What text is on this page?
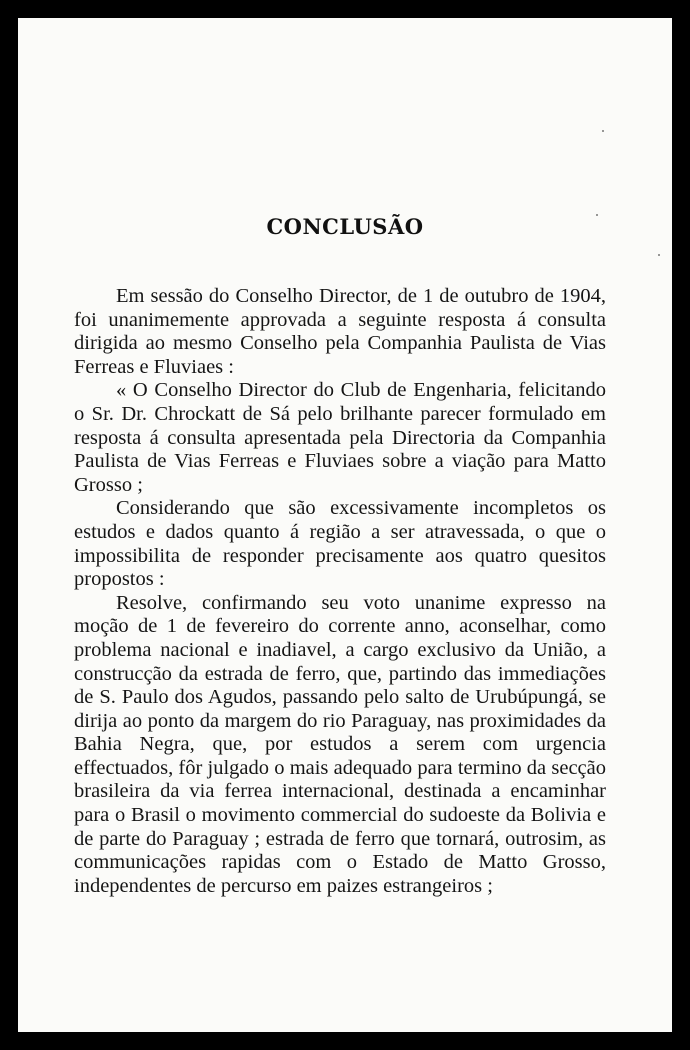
CONCLUSÃO

Em sessão do Conselho Director, de 1 de outubro de 1904, foi unanimemente approvada a seguinte resposta á consulta dirigida ao mesmo Conselho pela Companhia Paulista de Vias Ferreas e Fluviaes :

« O Conselho Director do Club de Engenharia, felicitando o Sr. Dr. Chrockatt de Sá pelo brilhante parecer formulado em resposta á consulta apresentada pela Directoria da Companhia Paulista de Vias Ferreas e Fluviaes sobre a viação para Matto Grosso ;

Considerando que são excessivamente incompletos os estudos e dados quanto á região a ser atravessada, o que o impossibilita de responder precisamente aos quatro quesitos propostos :

Resolve, confirmando seu voto unanime expresso na moção de 1 de fevereiro do corrente anno, aconselhar, como problema nacional e inadiavel, a cargo exclusivo da União, a construcção da estrada de ferro, que, partindo das immediações de S. Paulo dos Agudos, passando pelo salto de Urubúpungá, se dirija ao ponto da margem do rio Paraguay, nas proximidades da Bahia Negra, que, por estudos a serem com urgencia effectuados, fôr julgado o mais adequado para termino da secção brasileira da via ferrea internacional, destinada a encaminhar para o Brasil o movimento commercial do sudoeste da Bolivia e de parte do Paraguay ; estrada de ferro que tornará, outrosim, as communicações rapidas com o Estado de Matto Grosso, independentes de percurso em paizes estrangeiros ;
